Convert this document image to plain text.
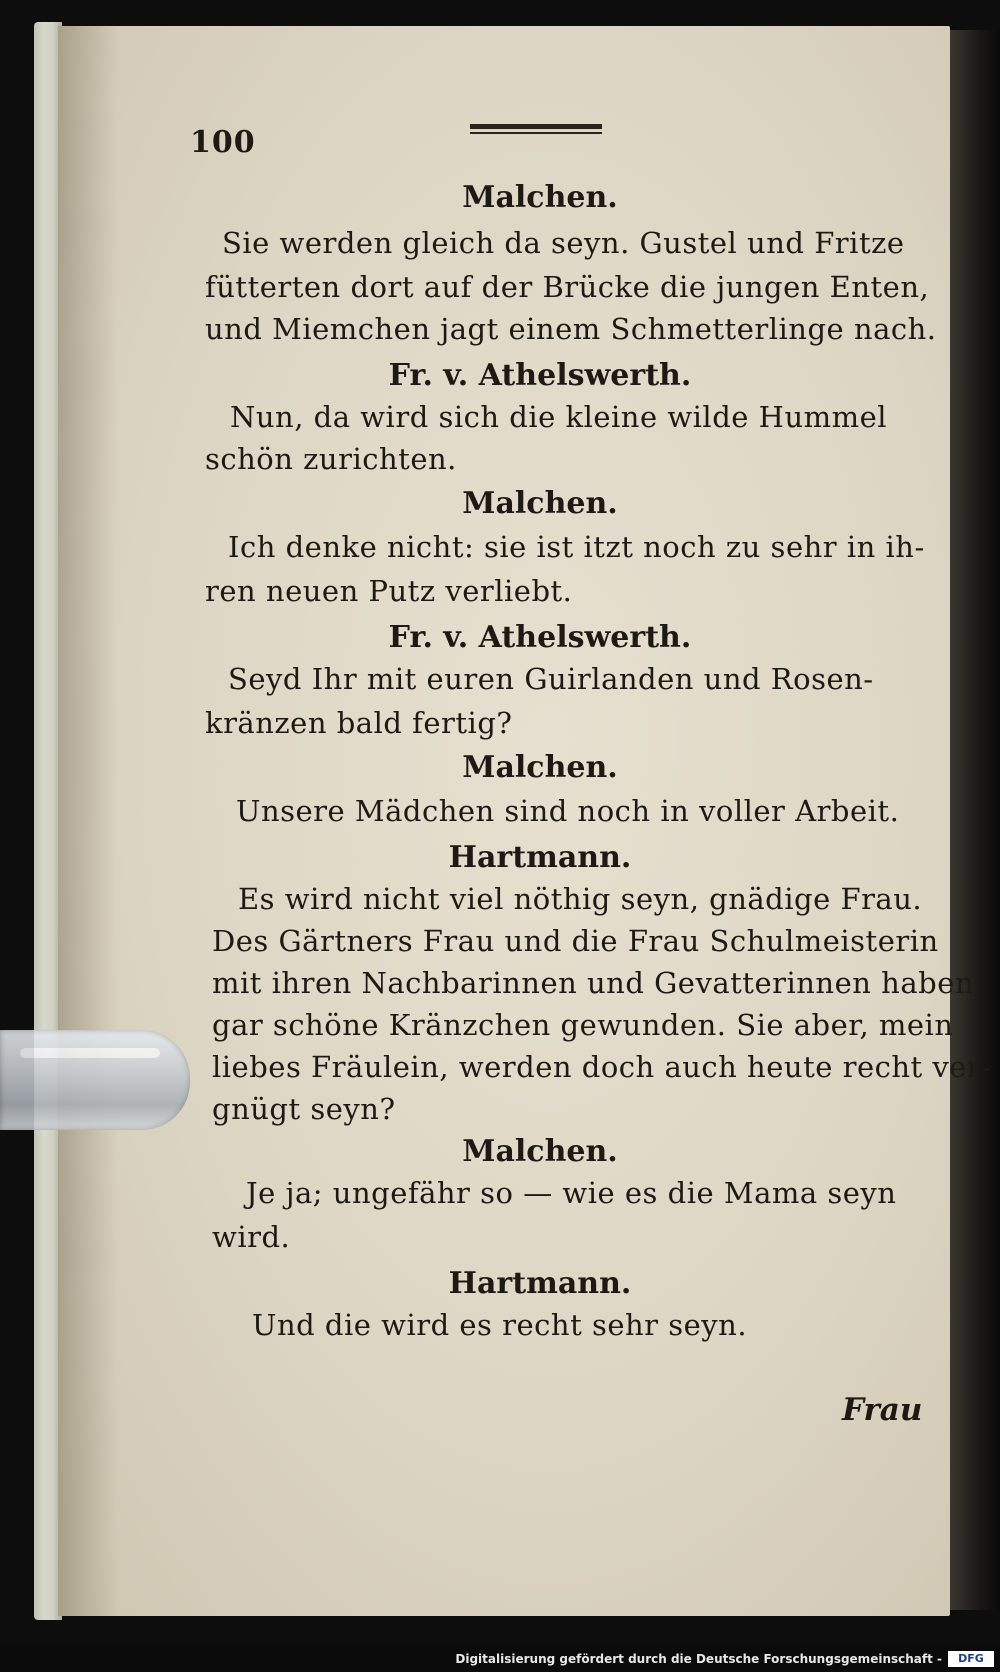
100
Malchen.
Sie werden gleich da seyn. Gustel und Fritze
fütterten dort auf der Brücke die jungen Enten,
und Miemchen jagt einem Schmetterlinge nach.
Fr. v. Athelswerth.
Nun, da wird sich die kleine wilde Hummel
schön zurichten.
Malchen.
Ich denke nicht: sie ist itzt noch zu sehr in ih-
ren neuen Putz verliebt.
Fr. v. Athelswerth.
Seyd Ihr mit euren Guirlanden und Rosen-
kränzen bald fertig?
Malchen.
Unsere Mädchen sind noch in voller Arbeit.
Hartmann.
Es wird nicht viel nöthig seyn, gnädige Frau.
Des Gärtners Frau und die Frau Schulmeisterin
mit ihren Nachbarinnen und Gevatterinnen haben
gar schöne Kränzchen gewunden. Sie aber, mein
liebes Fräulein, werden doch auch heute recht ver-
gnügt seyn?
Malchen.
Je ja; ungefähr so — wie es die Mama seyn
wird.
Hartmann.
Und die wird es recht sehr seyn.
Frau
Digitalisierung gefördert durch die Deutsche Forschungsgemeinschaft -	DFG
